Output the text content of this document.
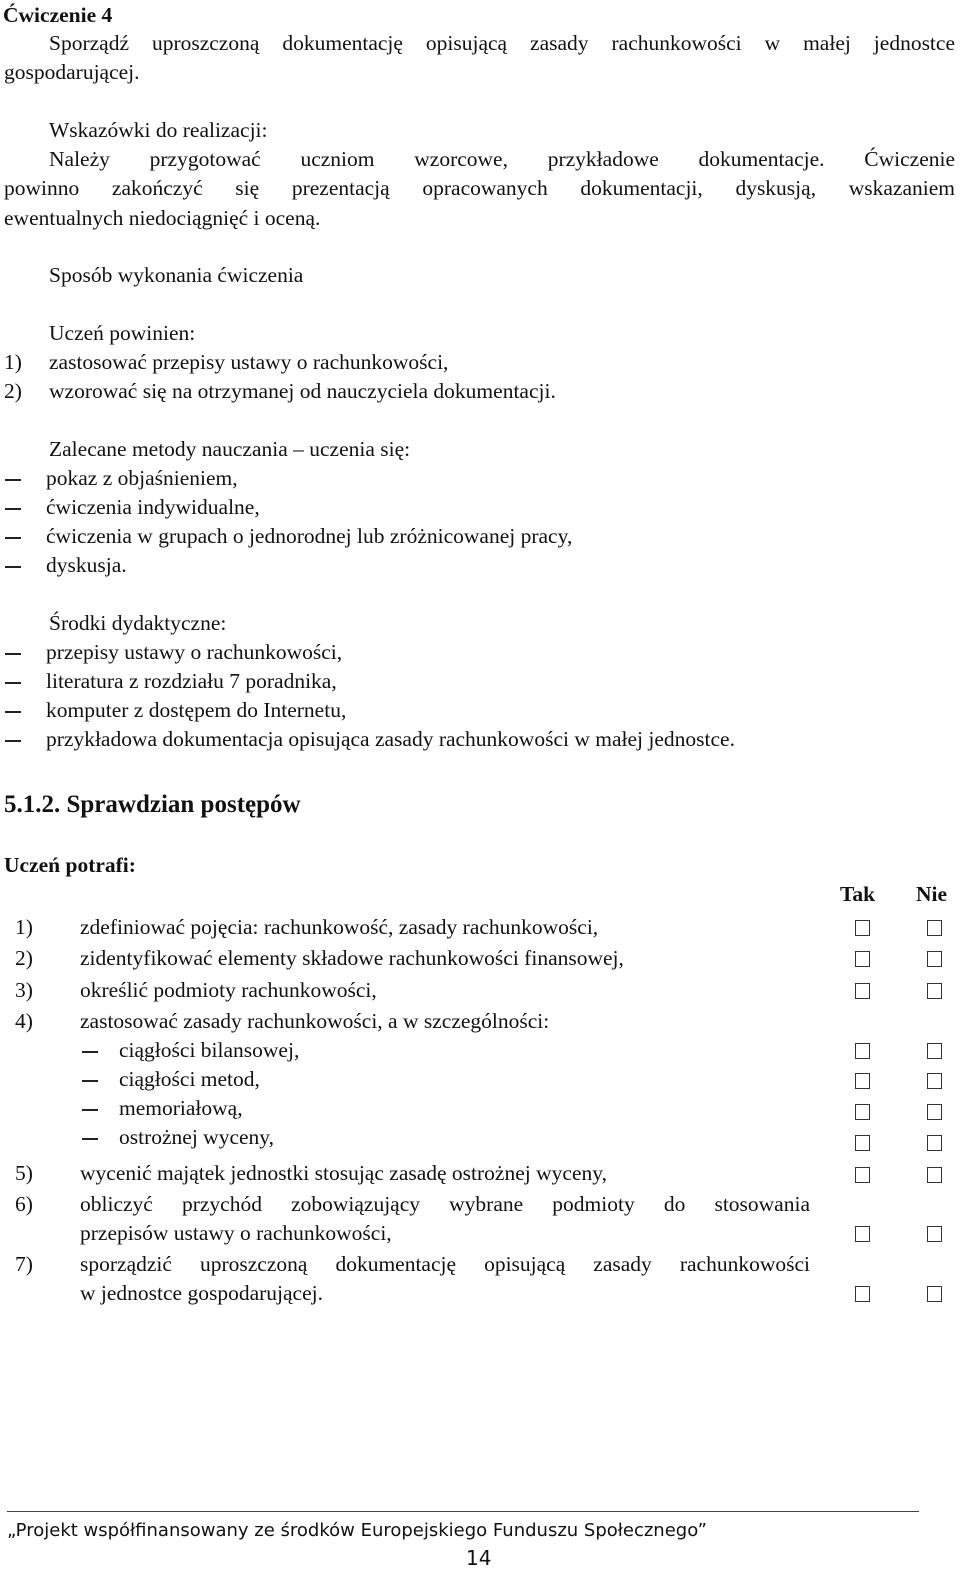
Ćwiczenie 4
Sporządź uproszczoną dokumentację opisującą zasady rachunkowości w małej jednostce
gospodarującej.
Wskazówki do realizacji:
Należy przygotować uczniom wzorcowe, przykładowe dokumentacje. Ćwiczenie
powinno zakończyć się prezentacją opracowanych dokumentacji, dyskusją, wskazaniem
ewentualnych niedociągnięć i oceną.
Sposób wykonania ćwiczenia
Uczeń powinien:
1) zastosować przepisy ustawy o rachunkowości,
2) wzorować się na otrzymanej od nauczyciela dokumentacji.
Zalecane metody nauczania – uczenia się:
pokaz z objaśnieniem,
ćwiczenia indywidualne,
ćwiczenia w grupach o jednorodnej lub zróżnicowanej pracy,
dyskusja.
Środki dydaktyczne:
przepisy ustawy o rachunkowości,
literatura z rozdziału 7 poradnika,
komputer z dostępem do Internetu,
przykładowa dokumentacja opisująca zasady rachunkowości w małej jednostce.
5.1.2. Sprawdzian postępów
Uczeń potrafi:
Tak Nie
1) zdefiniować pojęcia: rachunkowość, zasady rachunkowości,
2) zidentyfikować elementy składowe rachunkowości finansowej,
3) określić podmioty rachunkowości,
4) zastosować zasady rachunkowości, a w szczególności:
ciągłości bilansowej,
ciągłości metod,
memoriałową,
ostrożnej wyceny,
5) wycenić majątek jednostki stosując zasadę ostrożnej wyceny,
6) obliczyć przychód zobowiązujący wybrane podmioty do stosowania
przepisów ustawy o rachunkowości,
7) sporządzić uproszczoną dokumentację opisującą zasady rachunkowości
w jednostce gospodarującej.
„Projekt współfinansowany ze środków Europejskiego Funduszu Społecznego”
14
